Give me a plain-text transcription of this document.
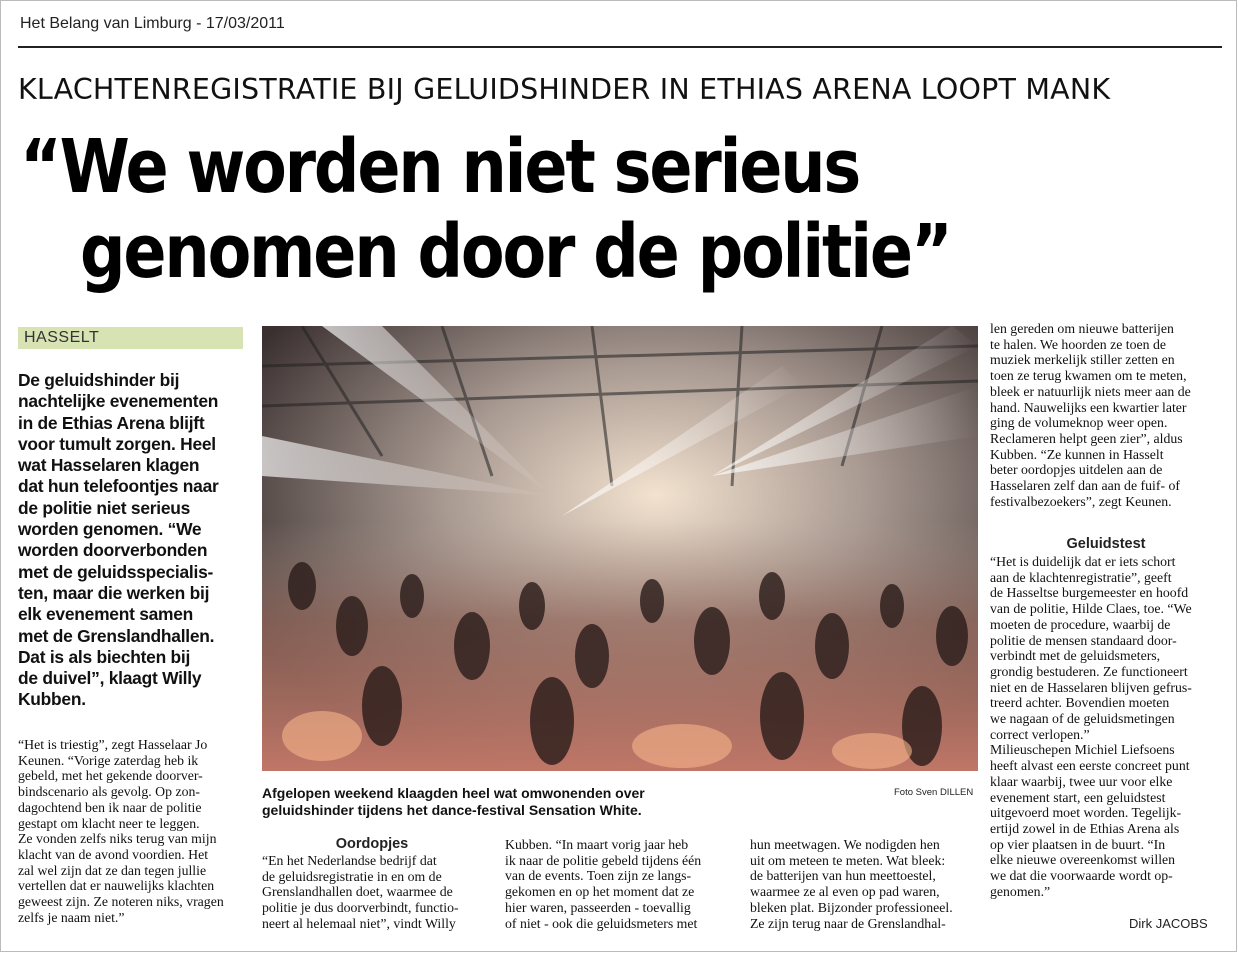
Het Belang van Limburg - 17/03/2011
KLACHTENREGISTRATIE BIJ GELUIDSHINDER IN ETHIAS ARENA LOOPT MANK
“We worden niet serieus
genomen door de politie”
HASSELT
De geluidshinder bij
nachtelijke evenementen
in de Ethias Arena blijft
voor tumult zorgen. Heel
wat Hasselaren klagen
dat hun telefoontjes naar
de politie niet serieus
worden genomen. “We
worden doorverbonden
met de geluidsspecialis-
ten, maar die werken bij
elk evenement samen
met de Grenslandhallen.
Dat is als biechten bij
de duivel”, klaagt Willy
Kubben.
“Het is triestig”, zegt Hasselaar Jo
Keunen. “Vorige zaterdag heb ik
gebeld, met het gekende doorver-
bindscenario als gevolg. Op zon-
dagochtend ben ik naar de politie
gestapt om klacht neer te leggen.
Ze vonden zelfs niks terug van mijn
klacht van de avond voordien. Het
zal wel zijn dat ze dan tegen jullie
vertellen dat er nauwelijks klachten
geweest zijn. Ze noteren niks, vragen
zelfs je naam niet.”
Afgelopen weekend klaagden heel wat omwonenden over
geluidshinder tijdens het dance-festival Sensation White.
Foto Sven DILLEN
Oordopjes
“En het Nederlandse bedrijf dat
de geluidsregistratie in en om de
Grenslandhallen doet, waarmee de
politie je dus doorverbindt, functio-
neert al helemaal niet”, vindt Willy
Kubben. “In maart vorig jaar heb
ik naar de politie gebeld tijdens één
van de events. Toen zijn ze langs-
gekomen en op het moment dat ze
hier waren, passeerden - toevallig
of niet - ook die geluidsmeters met
hun meetwagen. We nodigden hen
uit om meteen te meten. Wat bleek:
de batterijen van hun meettoestel,
waarmee ze al even op pad waren,
bleken plat. Bijzonder professioneel.
Ze zijn terug naar de Grenslandhal-
len gereden om nieuwe batterijen
te halen. We hoorden ze toen de
muziek merkelijk stiller zetten en
toen ze terug kwamen om te meten,
bleek er natuurlijk niets meer aan de
hand. Nauwelijks een kwartier later
ging de volumeknop weer open.
Reclameren helpt geen zier”, aldus
Kubben. “Ze kunnen in Hasselt
beter oordopjes uitdelen aan de
Hasselaren zelf dan aan de fuif- of
festivalbezoekers”, zegt Keunen.
Geluidstest
“Het is duidelijk dat er iets schort
aan de klachtenregistratie”, geeft
de Hasseltse burgemeester en hoofd
van de politie, Hilde Claes, toe. “We
moeten de procedure, waarbij de
politie de mensen standaard door-
verbindt met de geluidsmeters,
grondig bestuderen. Ze functioneert
niet en de Hasselaren blijven gefrus-
treerd achter. Bovendien moeten
we nagaan of de geluidsmetingen
correct verlopen.”
Milieuschepen Michiel Liefsoens
heeft alvast een eerste concreet punt
klaar waarbij, twee uur voor elke
evenement start, een geluidstest
uitgevoerd moet worden. Tegelijk-
ertijd zowel in de Ethias Arena als
op vier plaatsen in de buurt. “In
elke nieuwe overeenkomst willen
we dat die voorwaarde wordt op-
genomen.”
Dirk JACOBS
